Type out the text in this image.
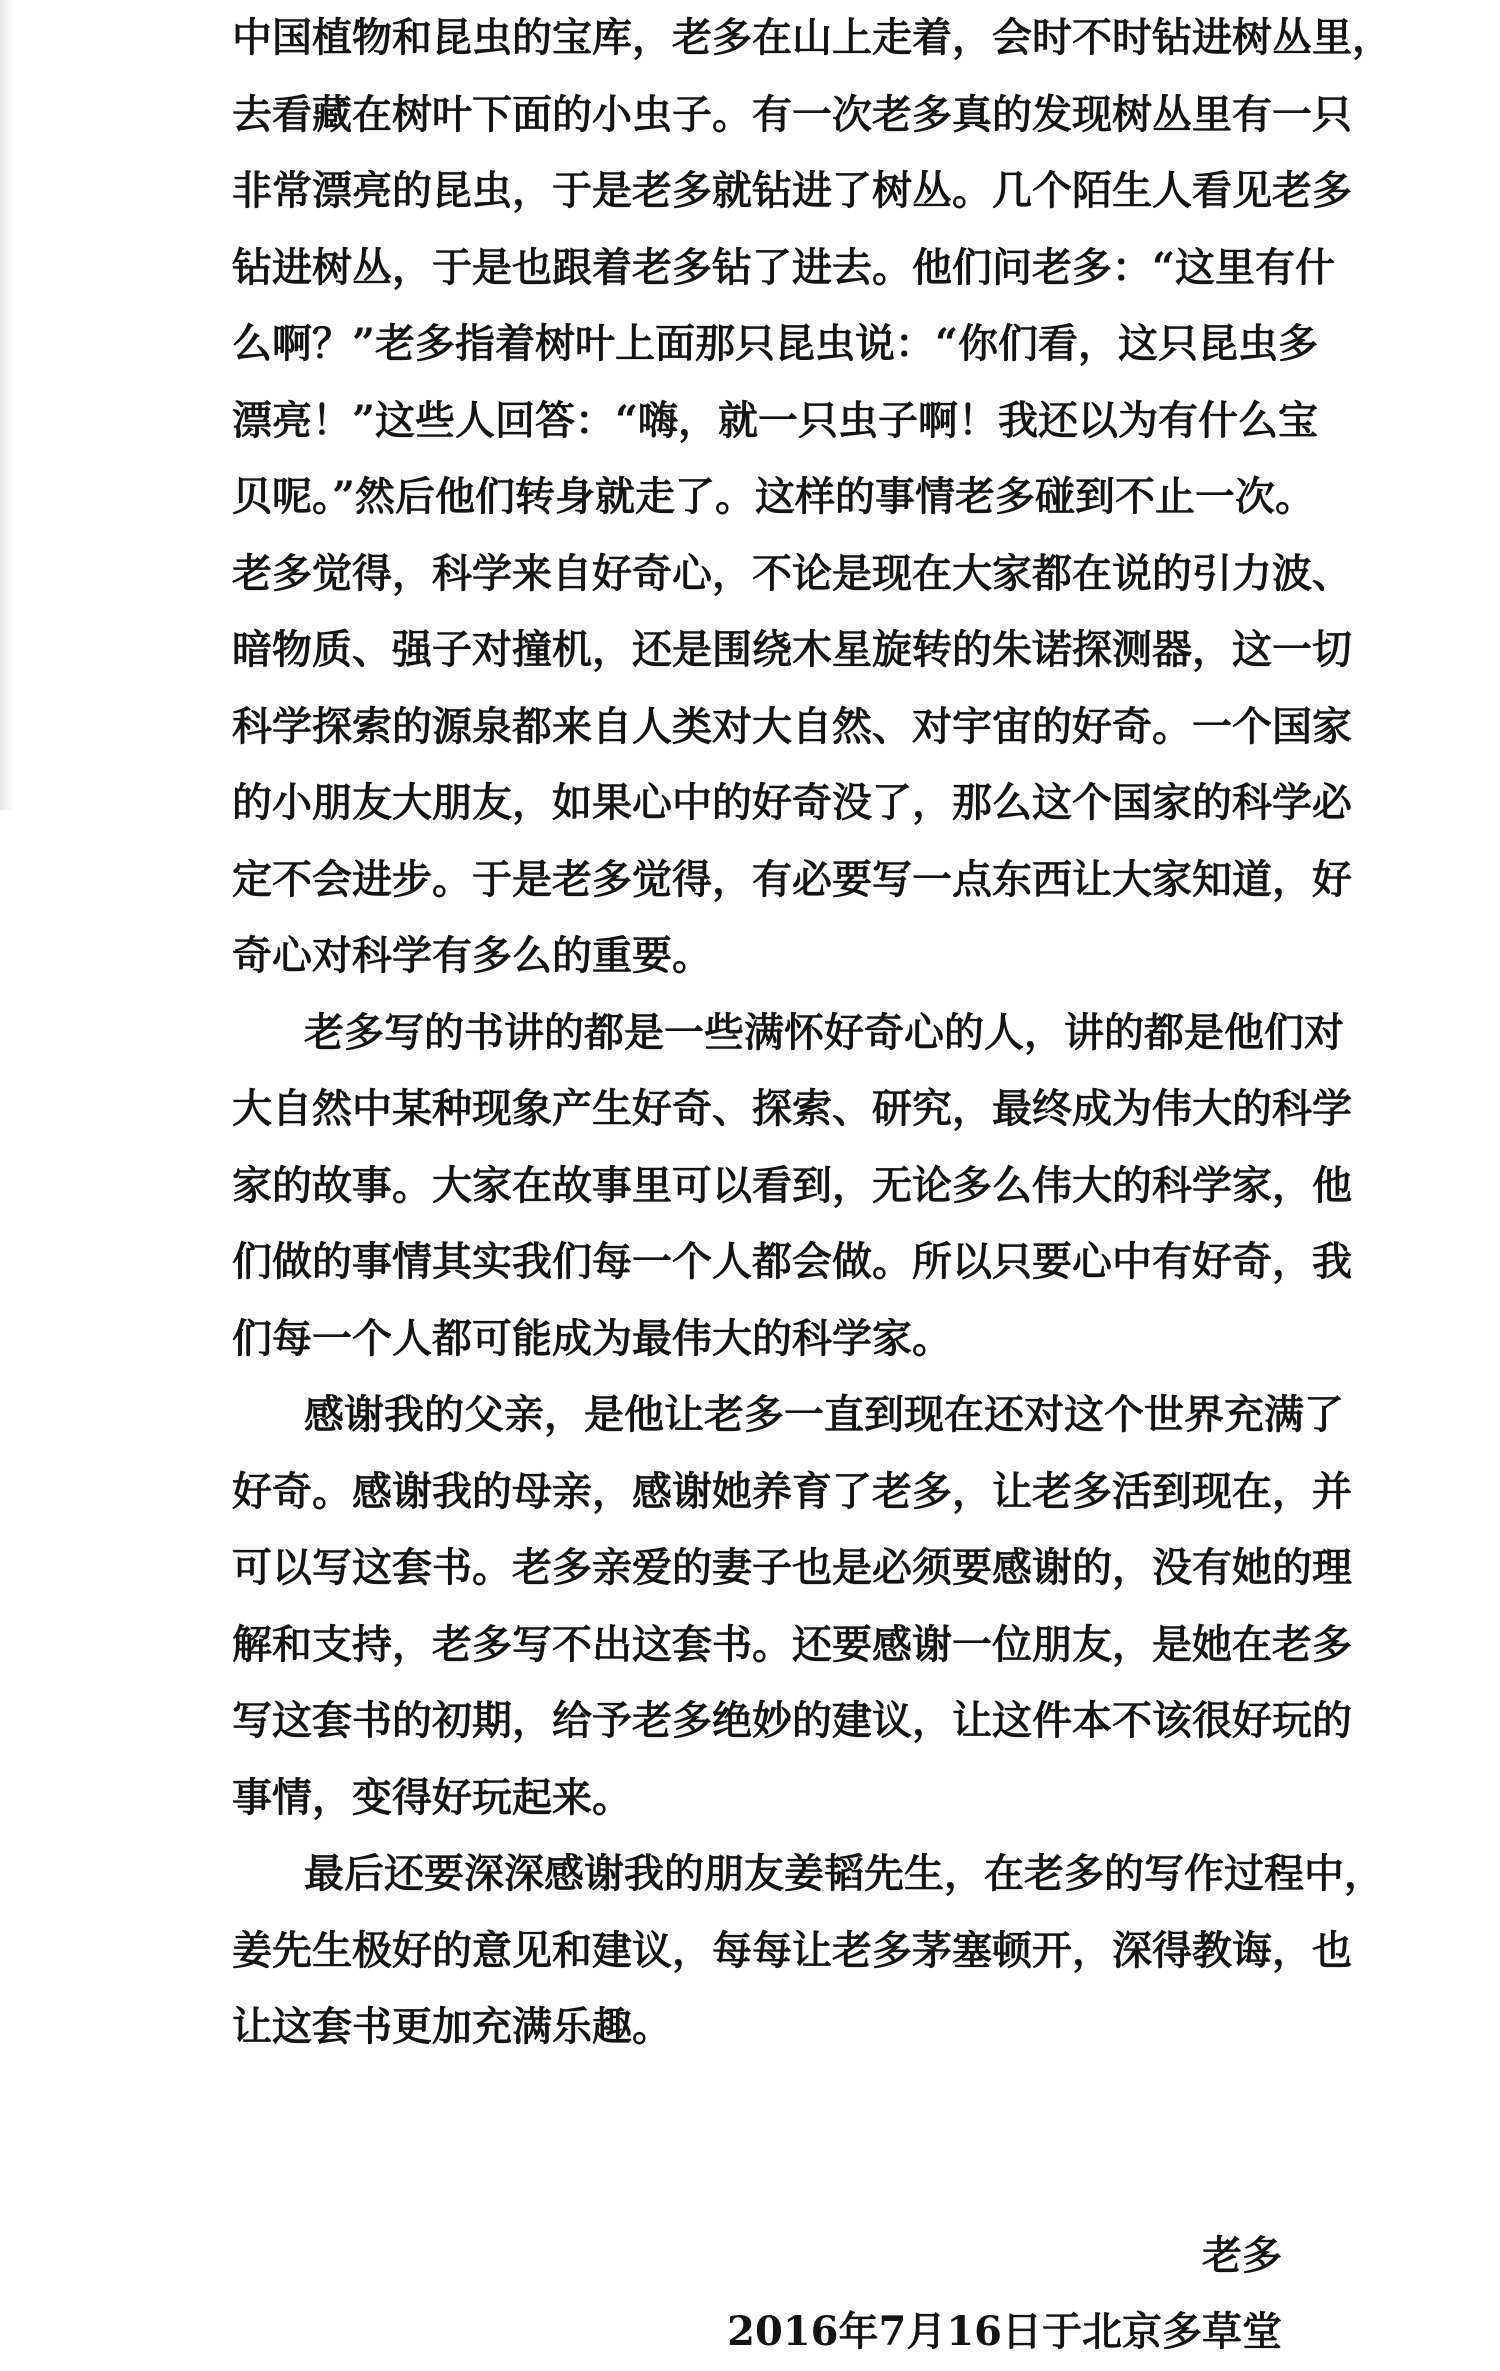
中国植物和昆虫的宝库，老多在山上走着，会时不时钻进树丛里，
去看藏在树叶下面的小虫子。有一次老多真的发现树丛里有一只
非常漂亮的昆虫，于是老多就钻进了树丛。几个陌生人看见老多
钻进树丛，于是也跟着老多钻了进去。他们问老多：“这里有什
么啊？”老多指着树叶上面那只昆虫说：“你们看，这只昆虫多
漂亮！”这些人回答：“嗨，就一只虫子啊！我还以为有什么宝
贝呢。”然后他们转身就走了。这样的事情老多碰到不止一次。
老多觉得，科学来自好奇心，不论是现在大家都在说的引力波、
暗物质、强子对撞机，还是围绕木星旋转的朱诺探测器，这一切
科学探索的源泉都来自人类对大自然、对宇宙的好奇。一个国家
的小朋友大朋友，如果心中的好奇没了，那么这个国家的科学必
定不会进步。于是老多觉得，有必要写一点东西让大家知道，好
奇心对科学有多么的重要。
老多写的书讲的都是一些满怀好奇心的人，讲的都是他们对
大自然中某种现象产生好奇、探索、研究，最终成为伟大的科学
家的故事。大家在故事里可以看到，无论多么伟大的科学家，他
们做的事情其实我们每一个人都会做。所以只要心中有好奇，我
们每一个人都可能成为最伟大的科学家。
感谢我的父亲，是他让老多一直到现在还对这个世界充满了
好奇。感谢我的母亲，感谢她养育了老多，让老多活到现在，并
可以写这套书。老多亲爱的妻子也是必须要感谢的，没有她的理
解和支持，老多写不出这套书。还要感谢一位朋友，是她在老多
写这套书的初期，给予老多绝妙的建议，让这件本不该很好玩的
事情，变得好玩起来。
最后还要深深感谢我的朋友姜韬先生，在老多的写作过程中，
姜先生极好的意见和建议，每每让老多茅塞顿开，深得教诲，也
让这套书更加充满乐趣。
老多
2016年7月16日于北京多草堂
